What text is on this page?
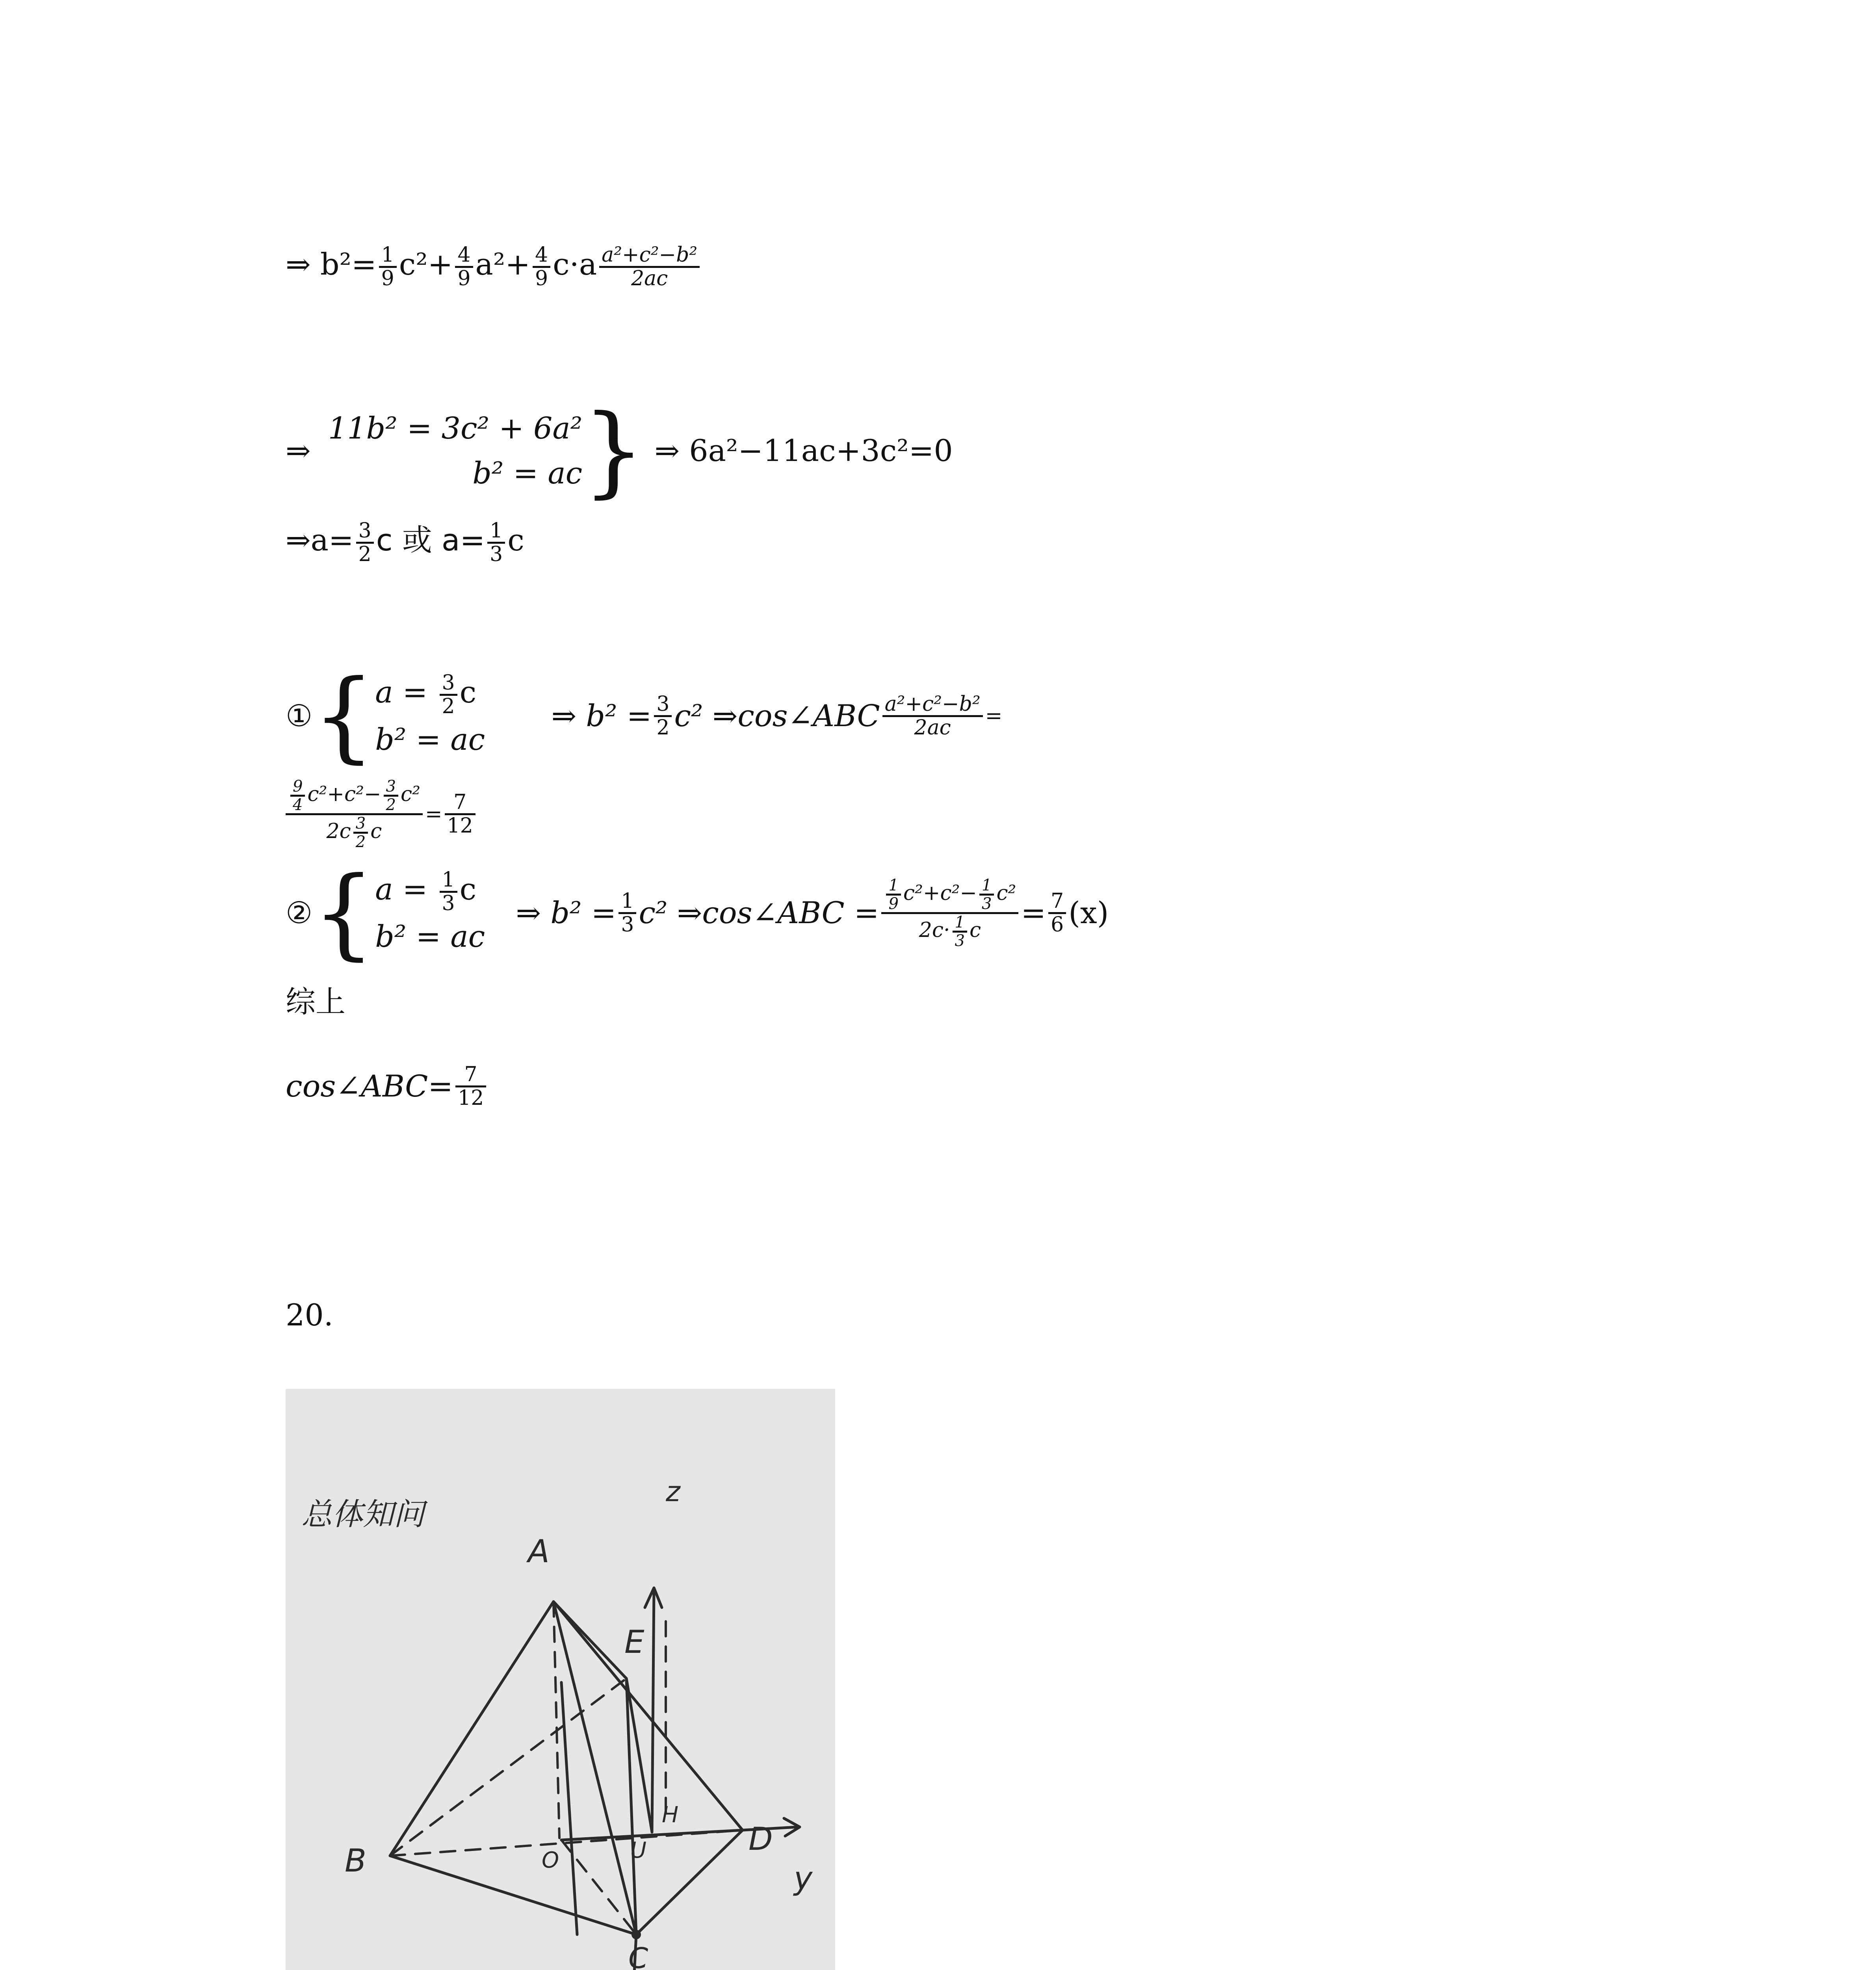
⇒ $b^2= \frac{1}{9} c^2+ \frac{4}{9} a^2+ \frac{4}{9} c\cdot a \frac{\text{a²+c²−b²}}{2ac}$
⇒
11b² = 3c² + 6a²
b² = ac } ⇒ 6a²−11ac+3c²=0
⇒a= $\frac{3}{2}$ c 或 $a= \frac{1}{3}$ c
①{ $a = \frac{3}{2}$ c
b² = ac
⇒ $b^2 = \frac{3}{2} c^2$ ⇒cos∠ABC $\frac{\text{a²+c²−b²}}{2ac}$ =
$\frac{\frac{9}{4} c^2+c^2- \frac{3}{2} c^2}{2c \frac{3}{2} c} = \frac{7}{12}$
②{ $a = \frac{1}{3}$ c
b² = ac
⇒ $b^2 = \frac{1}{3} c^2$ ⇒cos∠ABC = $\frac{\frac{1}{9} c^2+c^2- \frac{1}{3} c^2}{2c\cdot \frac{1}{3} c} = \frac{7}{6} (x)$
综上
cos∠ABC= $\frac{7}{12}$
20.
总体知问
A
B
C
D
E
H
O	U
z
y
